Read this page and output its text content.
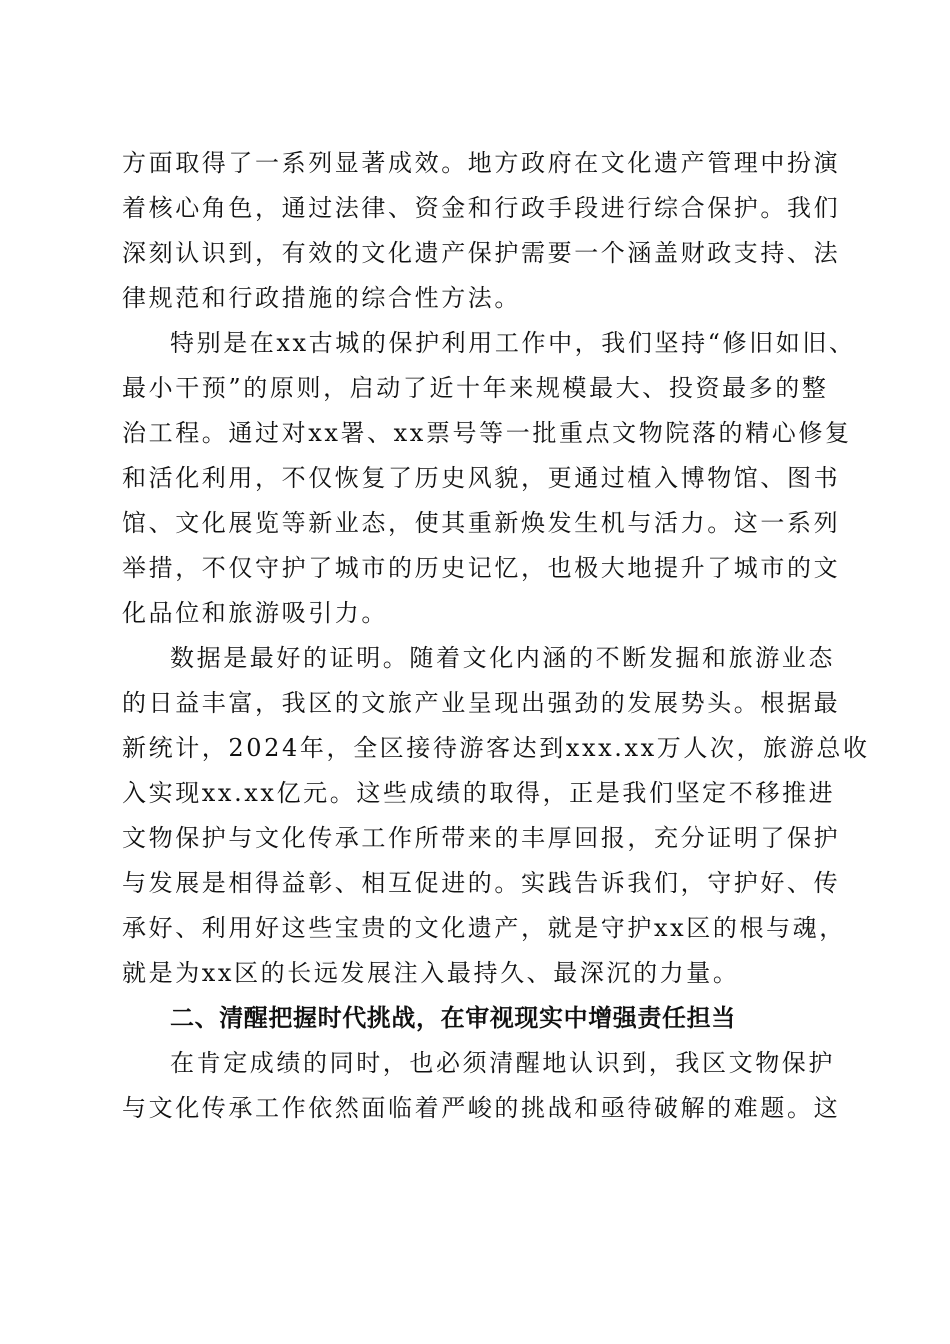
方面取得了一系列显著成效。地方政府在文化遗产管理中扮演
着核心角色，通过法律、资金和行政手段进行综合保护。我们
深刻认识到，有效的文化遗产保护需要一个涵盖财政支持、法
律规范和行政措施的综合性方法。
特别是在xx古城的保护利用工作中，我们坚持“修旧如旧、
最小干预”的原则，启动了近十年来规模最大、投资最多的整
治工程。通过对xx署、xx票号等一批重点文物院落的精心修复
和活化利用，不仅恢复了历史风貌，更通过植入博物馆、图书
馆、文化展览等新业态，使其重新焕发生机与活力。这一系列
举措，不仅守护了城市的历史记忆，也极大地提升了城市的文
化品位和旅游吸引力。
数据是最好的证明。随着文化内涵的不断发掘和旅游业态
的日益丰富，我区的文旅产业呈现出强劲的发展势头。根据最
新统计，2024年，全区接待游客达到xxx.xx万人次，旅游总收
入实现xx.xx亿元。这些成绩的取得，正是我们坚定不移推进
文物保护与文化传承工作所带来的丰厚回报，充分证明了保护
与发展是相得益彰、相互促进的。实践告诉我们，守护好、传
承好、利用好这些宝贵的文化遗产，就是守护xx区的根与魂，
就是为xx区的长远发展注入最持久、最深沉的力量。
二、清醒把握时代挑战，在审视现实中增强责任担当
在肯定成绩的同时，也必须清醒地认识到，我区文物保护
与文化传承工作依然面临着严峻的挑战和亟待破解的难题。这
